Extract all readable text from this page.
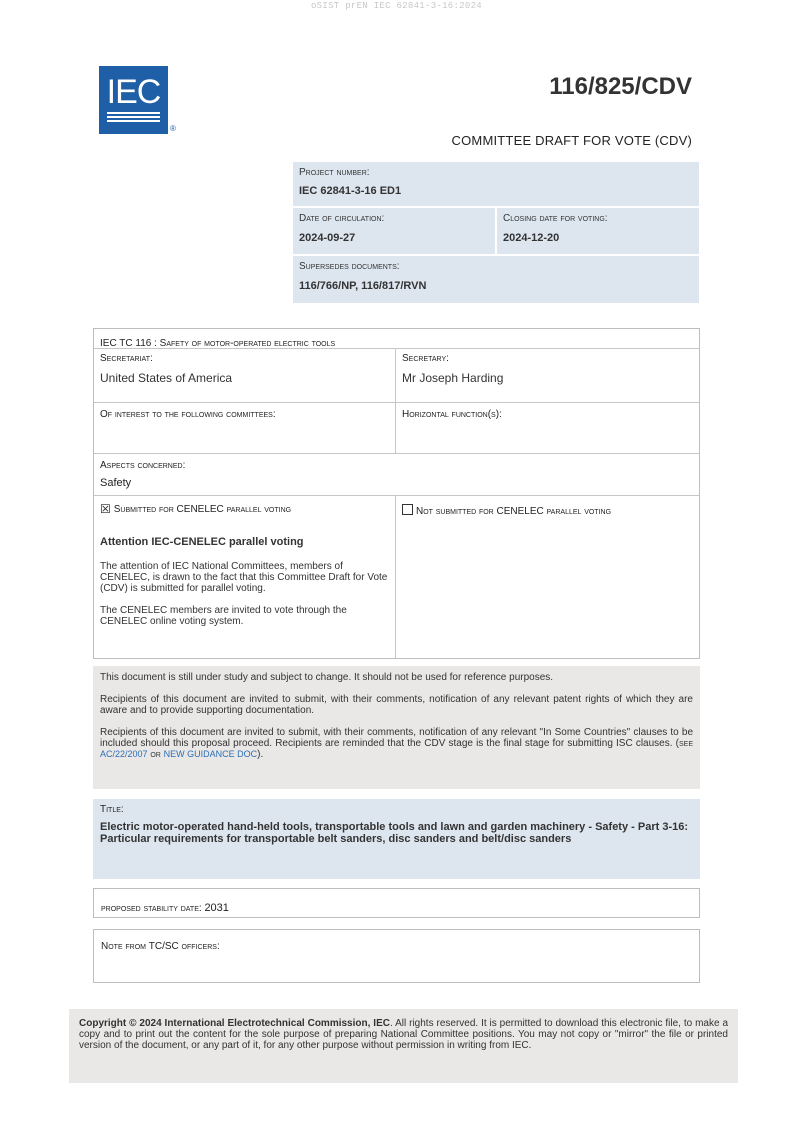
oSIST prEN IEC 62841-3-16:2024
IEC
®
116/825/CDV
COMMITTEE DRAFT FOR VOTE (CDV)
Project number:
IEC 62841-3-16 ED1
Date of circulation:
2024-09-27
Closing date for voting:
2024-12-20
Supersedes documents:
116/766/NP, 116/817/RVN
IEC TC 116 : Safety of motor-operated electric tools
Secretariat:
United States of America
Secretary:
Mr Joseph Harding
Of interest to the following committees:	Horizontal function(s):
Aspects concerned:
Safety
☒ Submitted for CENELEC parallel voting
Attention IEC-CENELEC parallel voting

The attention of IEC National Committees, members of CENELEC, is drawn to the fact that this Committee Draft for Vote (CDV) is submitted for parallel voting.

The CENELEC members are invited to vote through the CENELEC online voting system.

Not submitted for CENELEC parallel voting

This document is still under study and subject to change. It should not be used for reference purposes.

Recipients of this document are invited to submit, with their comments, notification of any relevant patent rights of which they are aware and to provide supporting documentation.

Recipients of this document are invited to submit, with their comments, notification of any relevant "In Some Countries" clauses to be included should this proposal proceed. Recipients are reminded that the CDV stage is the final stage for submitting ISC clauses. (see AC/22/2007 or NEW GUIDANCE DOC).

Title:
Electric motor-operated hand-held tools, transportable tools and lawn and garden machinery - Safety - Part 3-16: Particular requirements for transportable belt sanders, disc sanders and belt/disc sanders
proposed stability date: 2031
Note from TC/SC officers:

Copyright © 2024 International Electrotechnical Commission, IEC. All rights reserved. It is permitted to download this electronic file, to make a copy and to print out the content for the sole purpose of preparing National Committee positions. You may not copy or "mirror" the file or printed version of the document, or any part of it, for any other purpose without permission in writing from IEC.
